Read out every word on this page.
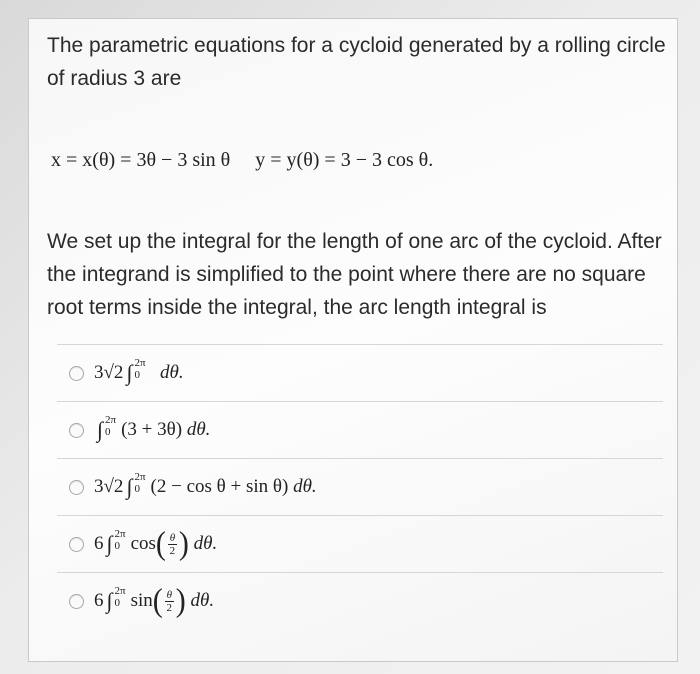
The parametric equations for a cycloid generated by a rolling circle of radius 3 are
x = x(θ) = 3θ − 3 sin θ y = y(θ) = 3 − 3 cos θ.
We set up the integral for the length of one arc of the cycloid. After the integrand is simplified to the point where there are no square root terms inside the integral, the arc length integral is
3√2 ∫ 2π
0
dθ.
∫ 2π
0 (3 + 3θ)
dθ.
3√2 ∫ 2π
0 (2 − cos θ + sin θ)
dθ.
6 ∫ 2π
0 cos ( $\frac{\theta}{2}$ )
dθ.
6 ∫ 2π
0 sin ( $\frac{\theta}{2}$ )
dθ.
